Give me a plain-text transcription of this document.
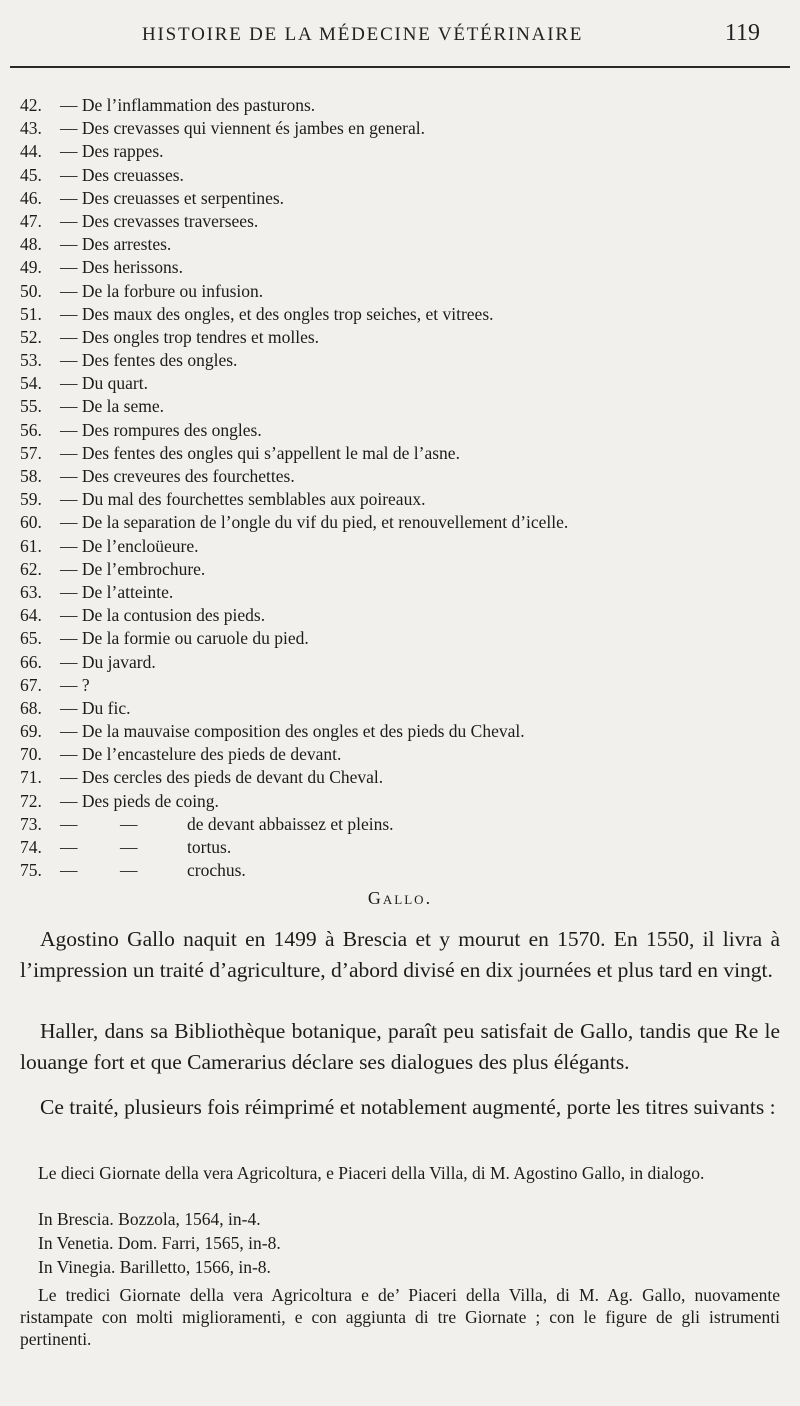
HISTOIRE DE LA MÉDECINE VÉTÉRINAIRE	119
42. — De l’inflammation des pasturons.
43. — Des crevasses qui viennent és jambes en general.
44. — Des rappes.
45. — Des creuasses.
46. — Des creuasses et serpentines.
47. — Des crevasses traversees.
48. — Des arrestes.
49. — Des herissons.
50. — De la forbure ou infusion.
51. — Des maux des ongles, et des ongles trop seiches, et vitrees.
52. — Des ongles trop tendres et molles.
53. — Des fentes des ongles.
54. — Du quart.
55. — De la seme.
56. — Des rompures des ongles.
57. — Des fentes des ongles qui s’appellent le mal de l’asne.
58. — Des creveures des fourchettes.
59. — Du mal des fourchettes semblables aux poireaux.
60. — De la separation de l’ongle du vif du pied, et renouvellement d’icelle.
61. — De l’encloüeure.
62. — De l’embrochure.
63. — De l’atteinte.
64. — De la contusion des pieds.
65. — De la formie ou caruole du pied.
66. — Du javard.
67. — ?
68. — Du fic.
69. — De la mauvaise composition des ongles et des pieds du Cheval.
70. — De l’encastelure des pieds de devant.
71. — Des cercles des pieds de devant du Cheval.
72. — Des pieds de coing.
73. — —	de devant abbaissez et pleins.
74. — —	tortus.
75. — —	crochus.
Gallo.
Agostino Gallo naquit en 1499 à Brescia et y mourut en 1570. En 1550, il livra à l’impression un traité d’agriculture, d’abord divisé en dix journées et plus tard en vingt.
Haller, dans sa Bibliothèque botanique, paraît peu satisfait de Gallo, tandis que Re le louange fort et que Camerarius déclare ses dialogues des plus élégants.
Ce traité, plusieurs fois réimprimé et notablement augmenté, porte les titres suivants :
Le dieci Giornate della vera Agricoltura, e Piaceri della Villa, di M. Agostino Gallo, in dialogo.
In Brescia. Bozzola, 1564, in-4.
In Venetia. Dom. Farri, 1565, in-8.
In Vinegia. Barilletto, 1566, in-8.
Le tredici Giornate della vera Agricoltura e de’ Piaceri della Villa, di M. Ag. Gallo, nuovamente ristampate con molti miglioramenti, e con aggiunta di tre Giornate ; con le figure de gli istrumenti pertinenti.
